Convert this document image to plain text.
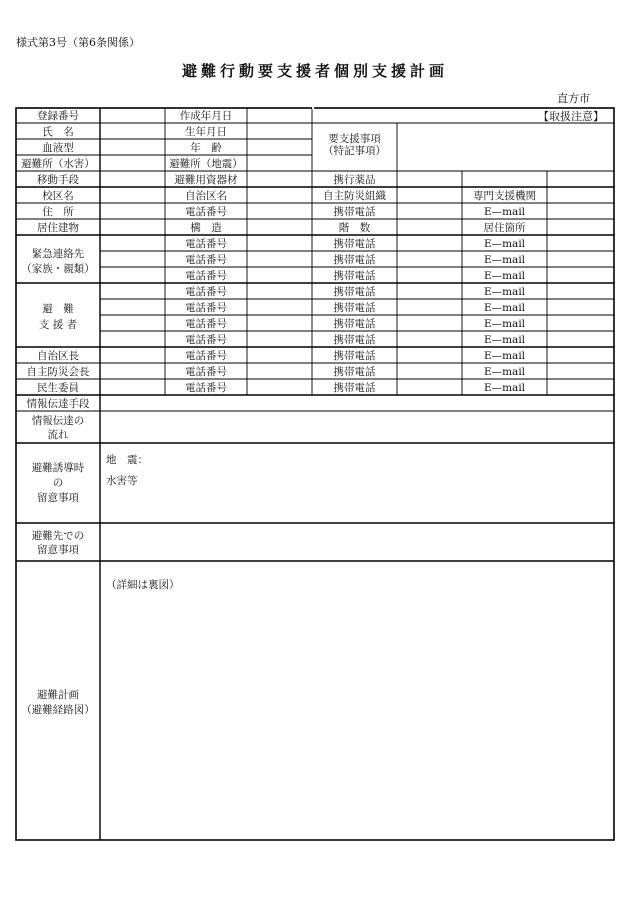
様式第3号（第6条関係）
避難行動要支援者個別支援計画
直方市
【取扱注意】
登録番号	作成年月日
氏　名	生年月日
要支援事項
（特記事項）
血液型	年　齢
避難所（水害）	避難所（地震）
移動手段	避難用資器材	携行薬品
校区名	自治区名	自主防災組織	専門支援機関
住　所	電話番号	携帯電話	E—mail
居住建物	構　造	階　数	居住箇所
緊急連絡先
（家族・親類）
電話番号	携帯電話	E—mail
電話番号	携帯電話	E—mail
電話番号	携帯電話	E—mail
避　難
支 援 者
電話番号	携帯電話	E—mail
電話番号	携帯電話	E—mail
電話番号	携帯電話	E—mail
電話番号	携帯電話	E—mail
自治区長	電話番号	携帯電話	E—mail
自主防災会長	電話番号	携帯電話	E—mail
民生委員	電話番号	携帯電話	E—mail
情報伝達手段
情報伝達の
流れ
避難誘導時
の
留意事項
地　震：
水害等
避難先での
留意事項
避難計画
（避難経路図）
（詳細は裏図）
